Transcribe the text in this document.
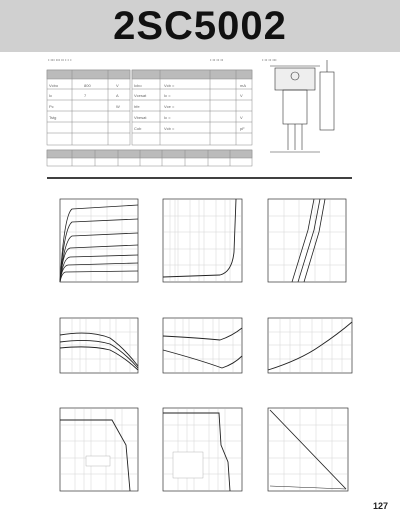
2SC5002
• ••• ••• •• • • •	• •• •• ••	• •• •• •••
127
Vcbo	800	V
Ic	7	A
Pc	W
Tstg
Icbo	Vcb =	mA
Vcesat	Ic =	V
hfe	Vce =
Vbesat	Ic =	V
Cob	Vcb =	pF
